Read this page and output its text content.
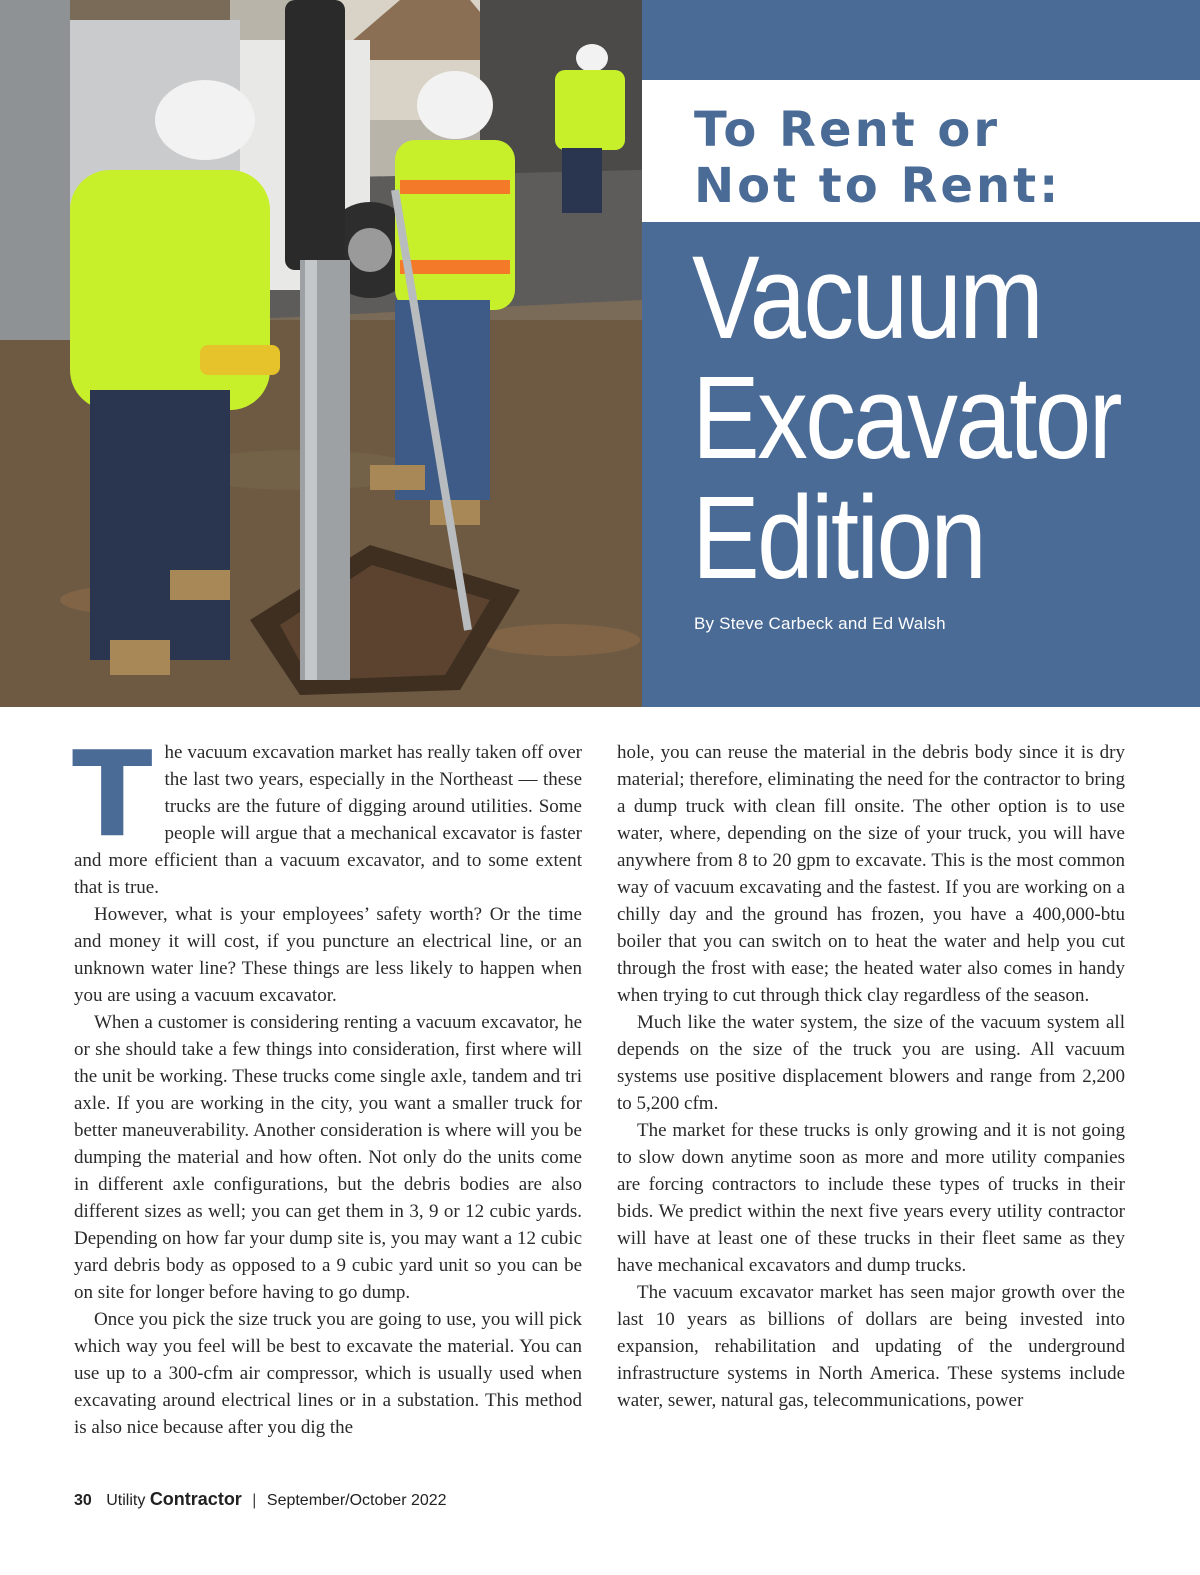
To Rent or
Not to Rent:
Vacuum
Excavator
Edition
By Steve Carbeck and Ed Walsh

The vacuum excavation market has really taken off over the last two years, especially in the Northeast — these trucks are the future of digging around utilities. Some people will argue that a mechanical excavator is faster and more efficient than a vacuum excavator, and to some extent that is true.

However, what is your employees’ safety worth? Or the time and money it will cost, if you puncture an electrical line, or an unknown water line? These things are less likely to happen when you are using a vacuum excavator.

When a customer is considering renting a vacuum excavator, he or she should take a few things into consideration, first where will the unit be working. These trucks come single axle, tandem and tri axle. If you are working in the city, you want a smaller truck for better maneuverability. Another consideration is where will you be dumping the material and how often. Not only do the units come in different axle configurations, but the debris bodies are also different sizes as well; you can get them in 3, 9 or 12 cubic yards. Depending on how far your dump site is, you may want a 12 cubic yard debris body as opposed to a 9 cubic yard unit so you can be on site for longer before having to go dump.

Once you pick the size truck you are going to use, you will pick which way you feel will be best to excavate the material. You can use up to a 300-cfm air compressor, which is usually used when excavating around electrical lines or in a substation. This method is also nice because after you dig the

hole, you can reuse the material in the debris body since it is dry material; therefore, eliminating the need for the contractor to bring a dump truck with clean fill onsite. The other option is to use water, where, depending on the size of your truck, you will have anywhere from 8 to 20 gpm to excavate. This is the most common way of vacuum excavating and the fastest. If you are working on a chilly day and the ground has frozen, you have a 400,000-btu boiler that you can switch on to heat the water and help you cut through the frost with ease; the heated water also comes in handy when trying to cut through thick clay regardless of the season.

Much like the water system, the size of the vacuum system all depends on the size of the truck you are using. All vacuum systems use positive displacement blowers and range from 2,200 to 5,200 cfm.

The market for these trucks is only growing and it is not going to slow down anytime soon as more and more utility companies are forcing contractors to include these types of trucks in their bids. We predict within the next five years every utility contractor will have at least one of these trucks in their fleet same as they have mechanical excavators and dump trucks.

The vacuum excavator market has seen major growth over the last 10 years as billions of dollars are being invested into expansion, rehabilitation and updating of the underground infrastructure systems in North America. These systems include water, sewer, natural gas, telecommunications, power

30 Utility Contractor | September/October 2022
